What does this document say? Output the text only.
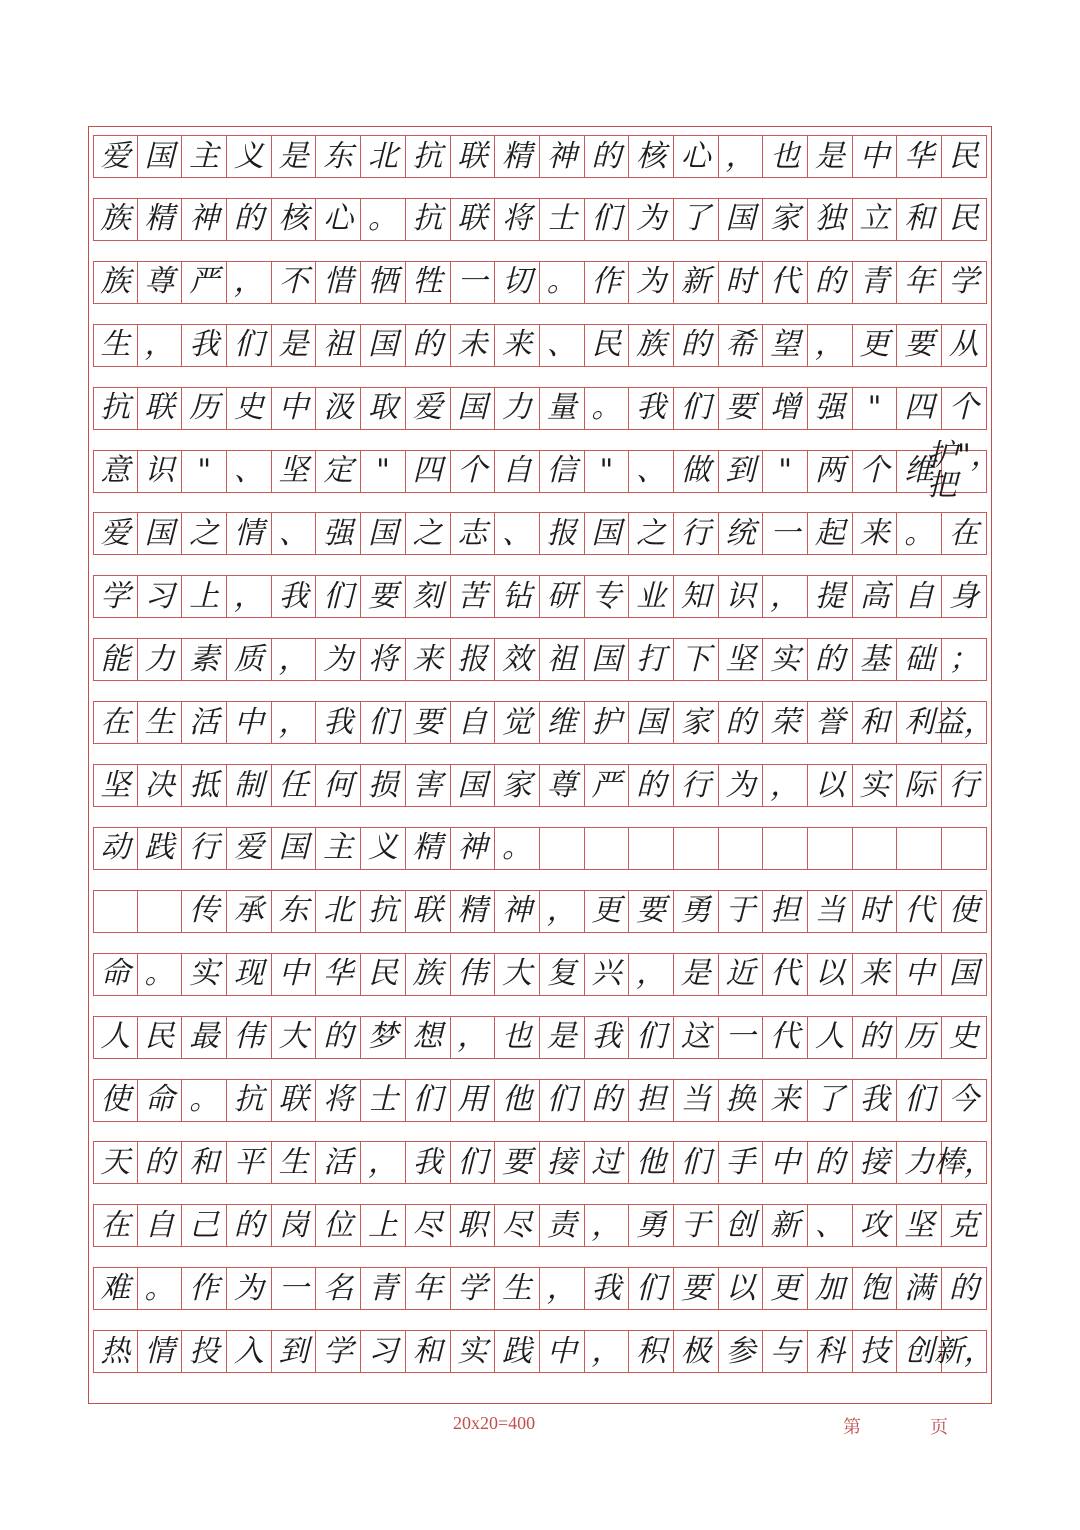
爱 国 主 义 是 东 北 抗 联 精 神 的 核 心 ， 也 是 中 华 民
族 精 神 的 核 心 。 抗 联 将 士 们 为 了 国 家 独 立 和 民
族 尊 严 ， 不 惜 牺 牲 一 切 。 作 为 新 时 代 的 青 年 学
生 ， 我 们 是 祖 国 的 未 来 、 民 族 的 希 望 ， 更 要 从
抗 联 历 史 中 汲 取 爱 国 力 量 。 我 们 要 增 强 " 四 个
意 识 " 、 坚 定 " 四 个 自 信 " 、 做 到 " 两 个 维
护"，把
爱 国 之 情 、 强 国 之 志 、 报 国 之 行 统 一 起 来 。 在
学 习 上 ， 我 们 要 刻 苦 钻 研 专 业 知 识 ， 提 高 自 身
能 力 素 质 ， 为 将 来 报 效 祖 国 打 下 坚 实 的 基 础 ；
在 生 活 中 ， 我 们 要 自 觉 维 护 国 家 的 荣 誉 和 利 益，
坚 决 抵 制 任 何 损 害 国 家 尊 严 的 行 为 ， 以 实 际 行
动 践 行 爱 国 主 义 精 神 。
传 承 东 北 抗 联 精 神 ， 更 要 勇 于 担 当 时 代 使
命 。 实 现 中 华 民 族 伟 大 复 兴 ， 是 近 代 以 来 中 国
人 民 最 伟 大 的 梦 想 ， 也 是 我 们 这 一 代 人 的 历 史
使 命 。 抗 联 将 士 们 用 他 们 的 担 当 换 来 了 我 们 今
天 的 和 平 生 活 ， 我 们 要 接 过 他 们 手 中 的 接 力 棒，
在 自 己 的 岗 位 上 尽 职 尽 责 ， 勇 于 创 新 、 攻 坚 克
难 。 作 为 一 名 青 年 学 生 ， 我 们 要 以 更 加 饱 满 的
热 情 投 入 到 学 习 和 实 践 中 ， 积 极 参 与 科 技 创 新，
20x20=400	第	页
